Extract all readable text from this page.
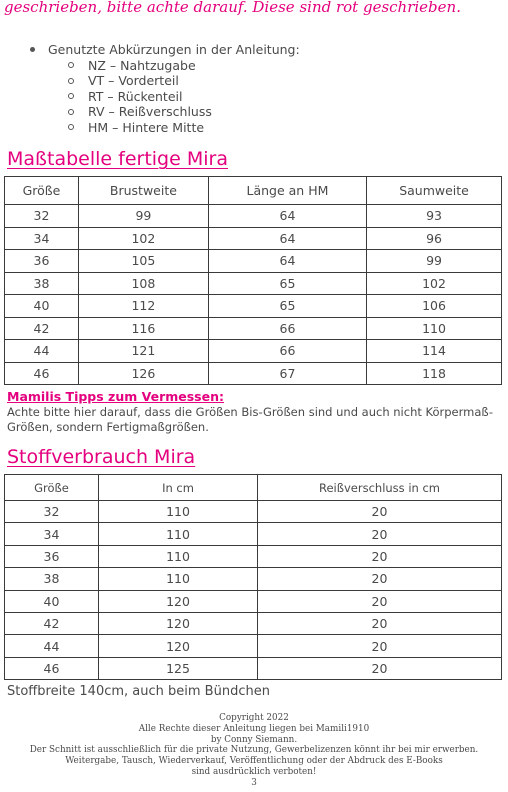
geschrieben, bitte achte darauf. Diese sind rot geschrieben.

Genutzte Abkürzungen in der Anleitung:
NZ – Nahtzugabe
VT – Vorderteil
RT – Rückenteil
RV – Reißverschluss
HM – Hintere Mitte
Maßtabelle fertige Mira
Größe	Brustweite	Länge an HM	Saumweite
32	99	64	93
34	102	64	96
36	105	64	99
38	108	65	102
40	112	65	106
42	116	66	110
44	121	66	114
46	126	67	118
Mamilis Tipps zum Vermessen:
Achte bitte hier darauf, dass die Größen Bis-Größen sind und auch nicht Körpermaß-Größen, sondern Fertigmaßgrößen.
Stoffverbrauch Mira
Größe	In cm	Reißverschluss in cm
32	110	20
34	110	20
36	110	20
38	110	20
40	120	20
42	120	20
44	120	20
46	125	20
Stoffbreite 140cm, auch beim Bündchen
Copyright 2022
Alle Rechte dieser Anleitung liegen bei Mamili1910
by Conny Siemann.
Der Schnitt ist ausschließlich für die private Nutzung, Gewerbelizenzen könnt ihr bei mir erwerben.
Weitergabe, Tausch, Wiederverkauf, Veröffentlichung oder der Abdruck des E-Books
sind ausdrücklich verboten!
3
